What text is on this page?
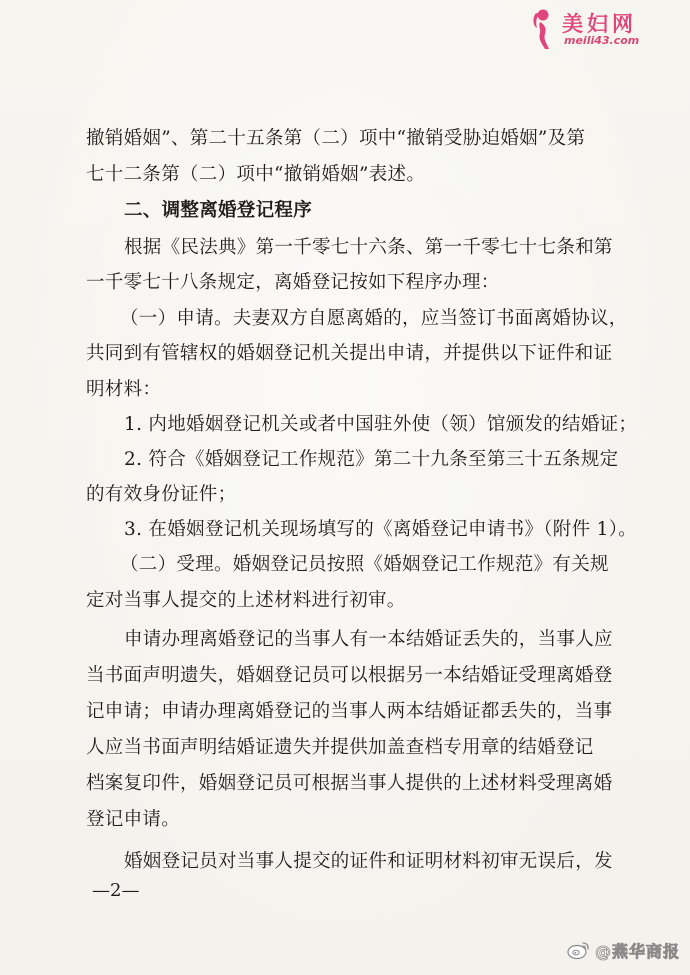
美妇网
meili43.com
撤销婚姻”、第二十五条第（二）项中“撤销受胁迫婚姻”及第
七十二条第（二）项中“撤销婚姻”表述。
二、调整离婚登记程序
根据《民法典》第一千零七十六条、第一千零七十七条和第
一千零七十八条规定，离婚登记按如下程序办理：
（一）申请。夫妻双方自愿离婚的，应当签订书面离婚协议，
共同到有管辖权的婚姻登记机关提出申请，并提供以下证件和证
明材料：
1. 内地婚姻登记机关或者中国驻外使（领）馆颁发的结婚证；
2. 符合《婚姻登记工作规范》第二十九条至第三十五条规定
的有效身份证件；
3. 在婚姻登记机关现场填写的《离婚登记申请书》（附件 1）。
（二）受理。婚姻登记员按照《婚姻登记工作规范》有关规
定对当事人提交的上述材料进行初审。
申请办理离婚登记的当事人有一本结婚证丢失的，当事人应
当书面声明遗失，婚姻登记员可以根据另一本结婚证受理离婚登
记申请；申请办理离婚登记的当事人两本结婚证都丢失的，当事
人应当书面声明结婚证遗失并提供加盖查档专用章的结婚登记
档案复印件，婚姻登记员可根据当事人提供的上述材料受理离婚
登记申请。
婚姻登记员对当事人提交的证件和证明材料初审无误后，发
—2—
@燕华商报
